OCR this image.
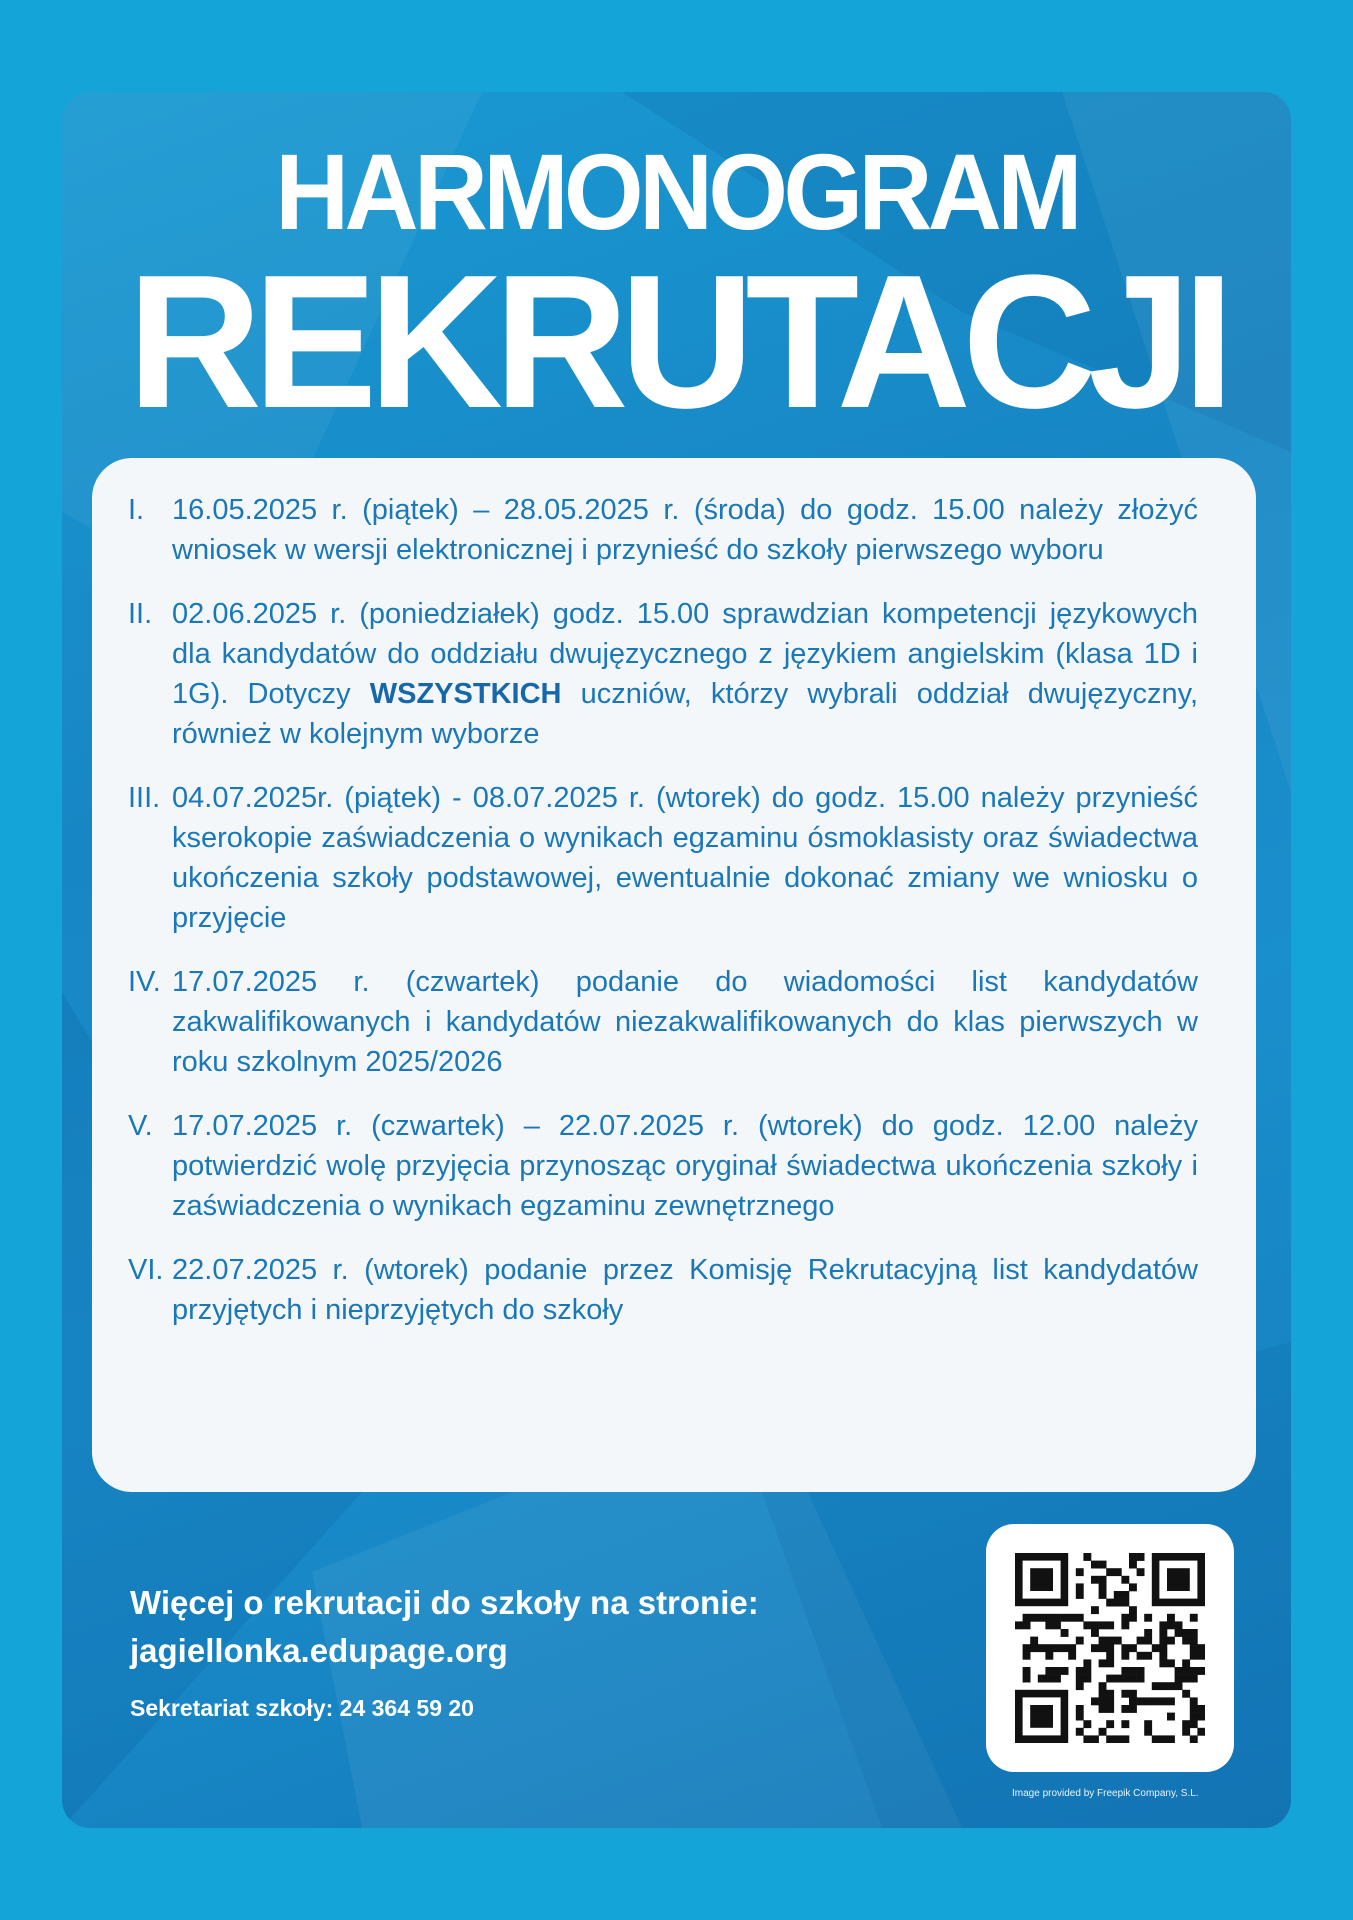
HARMONOGRAM
REKRUTACJI
I. 16.05.2025 r. (piątek) – 28.05.2025 r. (środa) do godz. 15.00 należy złożyć wniosek w wersji elektronicznej i przynieść do szkoły pierwszego wyboru
II. 02.06.2025 r. (poniedziałek) godz. 15.00 sprawdzian kompetencji językowych dla kandydatów do oddziału dwujęzycznego z językiem angielskim (klasa 1D i 1G). Dotyczy WSZYSTKICH uczniów, którzy wybrali oddział dwujęzyczny, również w kolejnym wyborze
III. 04.07.2025r. (piątek) - 08.07.2025 r. (wtorek) do godz. 15.00 należy przynieść kserokopie zaświadczenia o wynikach egzaminu ósmoklasisty oraz świadectwa ukończenia szkoły podstawowej, ewentualnie dokonać zmiany we wniosku o przyjęcie
IV. 17.07.2025 r. (czwartek) podanie do wiadomości list kandydatów zakwalifikowanych i kandydatów niezakwalifikowanych do klas pierwszych w roku szkolnym 2025/2026
V. 17.07.2025 r. (czwartek) – 22.07.2025 r. (wtorek) do godz. 12.00 należy potwierdzić wolę przyjęcia przynosząc oryginał świadectwa ukończenia szkoły i zaświadczenia o wynikach egzaminu zewnętrznego
VI. 22.07.2025 r. (wtorek) podanie przez Komisję Rekrutacyjną list kandydatów przyjętych i nieprzyjętych do szkoły
Więcej o rekrutacji do szkoły na stronie:
jagiellonka.edupage.org
Sekretariat szkoły: 24 364 59 20
Image provided by Freepik Company, S.L.
